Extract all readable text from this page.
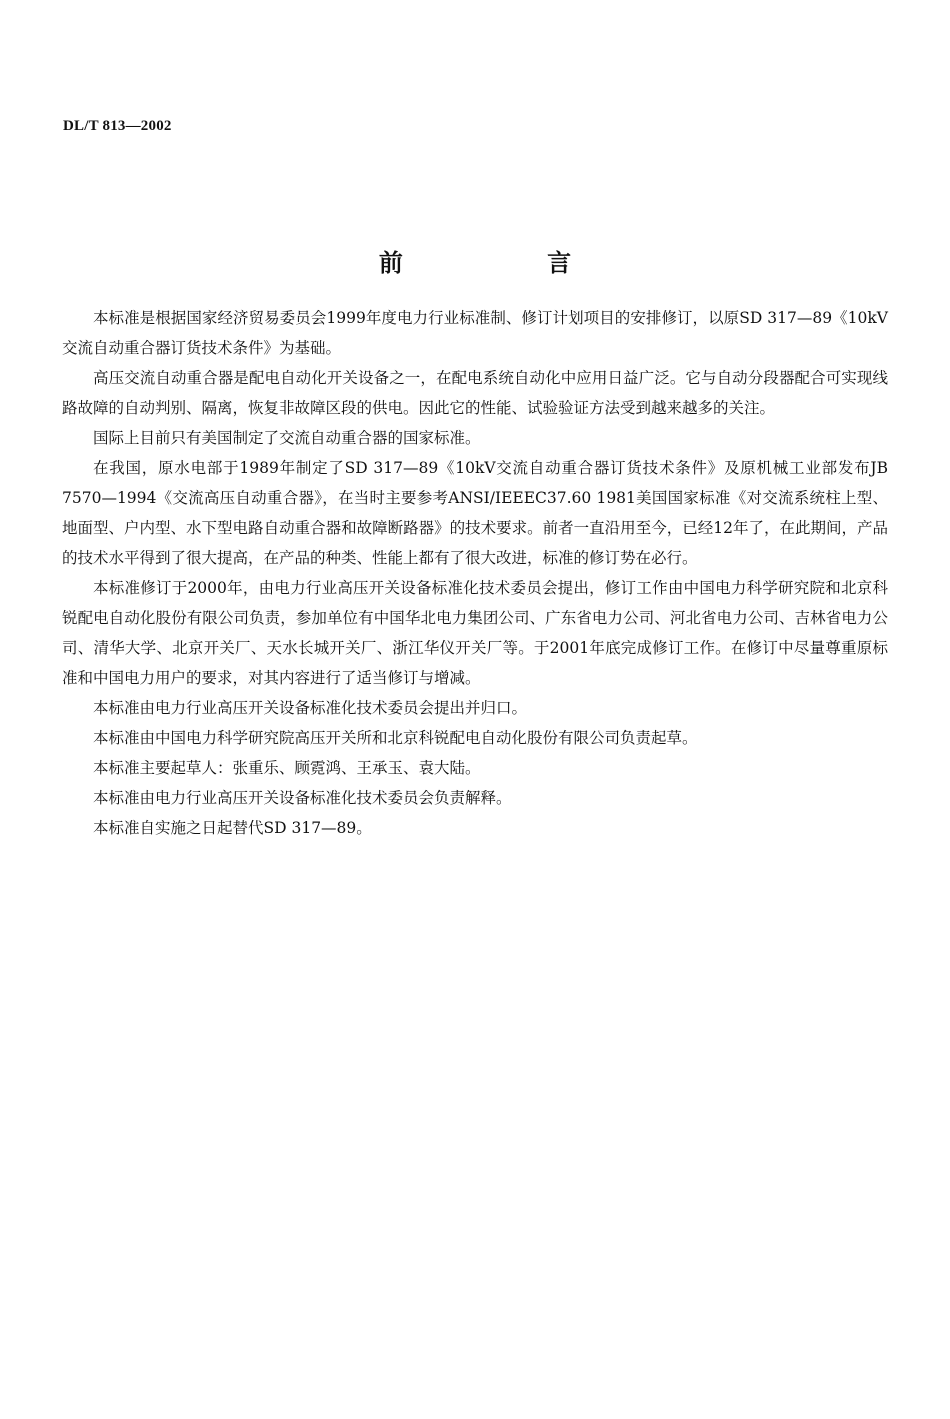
DL/T 813—2002
前 言

本标准是根据国家经济贸易委员会1999年度电力行业标准制、修订计划项目的安排修订，以原SD 317—89《10kV交流自动重合器订货技术条件》为基础。

高压交流自动重合器是配电自动化开关设备之一，在配电系统自动化中应用日益广泛。它与自动分段器配合可实现线路故障的自动判别、隔离，恢复非故障区段的供电。因此它的性能、试验验证方法受到越来越多的关注。

国际上目前只有美国制定了交流自动重合器的国家标准。

在我国，原水电部于1989年制定了SD 317—89《10kV交流自动重合器订货技术条件》及原机械工业部发布JB 7570—1994《交流高压自动重合器》，在当时主要参考ANSI/IEEEC37.60 1981美国国家标准《对交流系统柱上型、地面型、户内型、水下型电路自动重合器和故障断路器》的技术要求。前者一直沿用至今，已经12年了，在此期间，产品的技术水平得到了很大提高，在产品的种类、性能上都有了很大改进，标准的修订势在必行。

本标准修订于2000年，由电力行业高压开关设备标准化技术委员会提出，修订工作由中国电力科学研究院和北京科锐配电自动化股份有限公司负责，参加单位有中国华北电力集团公司、广东省电力公司、河北省电力公司、吉林省电力公司、清华大学、北京开关厂、天水长城开关厂、浙江华仪开关厂等。于2001年底完成修订工作。在修订中尽量尊重原标准和中国电力用户的要求，对其内容进行了适当修订与增减。

本标准由电力行业高压开关设备标准化技术委员会提出并归口。

本标准由中国电力科学研究院高压开关所和北京科锐配电自动化股份有限公司负责起草。

本标准主要起草人：张重乐、顾霓鸿、王承玉、袁大陆。

本标准由电力行业高压开关设备标准化技术委员会负责解释。

本标准自实施之日起替代SD 317—89。
